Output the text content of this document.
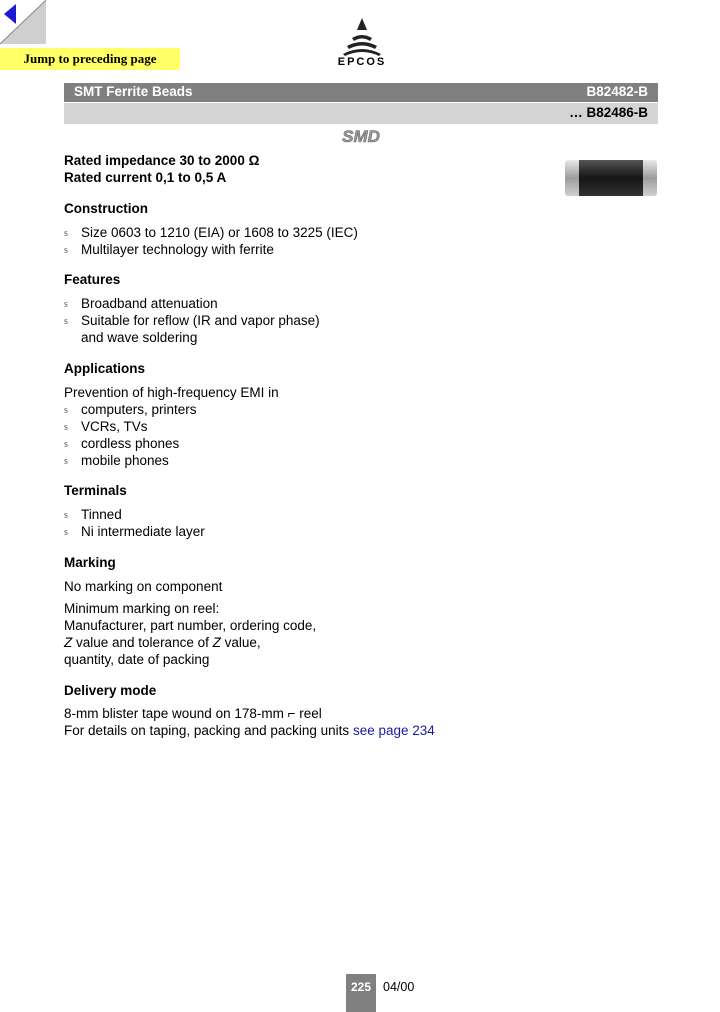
Jump to preceding page	EPCOS
SMT Ferrite Beads	B82482-B
… B82486-B
SMD
Rated impedance 30 to 2000 Ω
Rated current 0,1 to 0,5 A
Construction
s Size 0603 to 1210 (EIA) or 1608 to 3225 (IEC)
s Multilayer technology with ferrite
Features
s Broadband attenuation
s Suitable for reflow (IR and vapor phase)
and wave soldering
Applications
Prevention of high-frequency EMI in
s computers, printers
s VCRs, TVs
s cordless phones
s mobile phones
Terminals
s Tinned
s Ni intermediate layer
Marking
No marking on component
Minimum marking on reel:
Manufacturer, part number, ordering code,
Z value and tolerance of Z value,
quantity, date of packing
Delivery mode
8-mm blister tape wound on 178-mm ⌐ reel
For details on taping, packing and packing units see page 234
225 04/00
